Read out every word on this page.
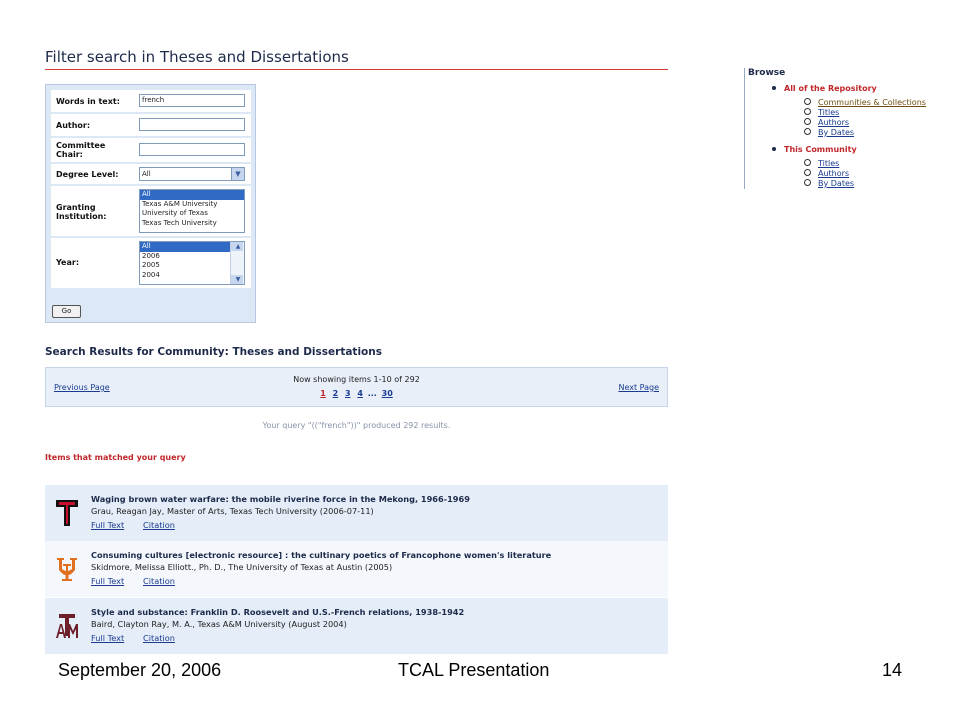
Filter search in Theses and Dissertations
Words in text:	french
Author:
Committee Chair:
Degree Level:	All	▼
Granting Institution:
All
Texas A&M University
University of Texas
Texas Tech University
Year:
All
2006
2005
2004
▲
▼
Go
Search Results for Community: Theses and Dissertations
Previous Page
Now showing items 1-10 of 292
1 2 3 4 ... 30
Next Page
Your query "(("french"))" produced 292 results.
Items that matched your query
Waging brown water warfare: the mobile riverine force in the Mekong, 1966-1969
Grau, Reagan Jay, Master of Arts, Texas Tech University (2006-07-11)
Full Text Citation
Consuming cultures [electronic resource] : the cultinary poetics of Francophone women's literature
Skidmore, Melissa Elliott., Ph. D., The University of Texas at Austin (2005)
Full Text Citation
Style and substance: Franklin D. Roosevelt and U.S.-French relations, 1938-1942
Baird, Clayton Ray, M. A., Texas A&M University (August 2004)
Full Text Citation
Browse
All of the Repository
Communities & Collections
Titles
Authors
By Dates
This Community
Titles
Authors
By Dates
September 20, 2006	TCAL Presentation	14
